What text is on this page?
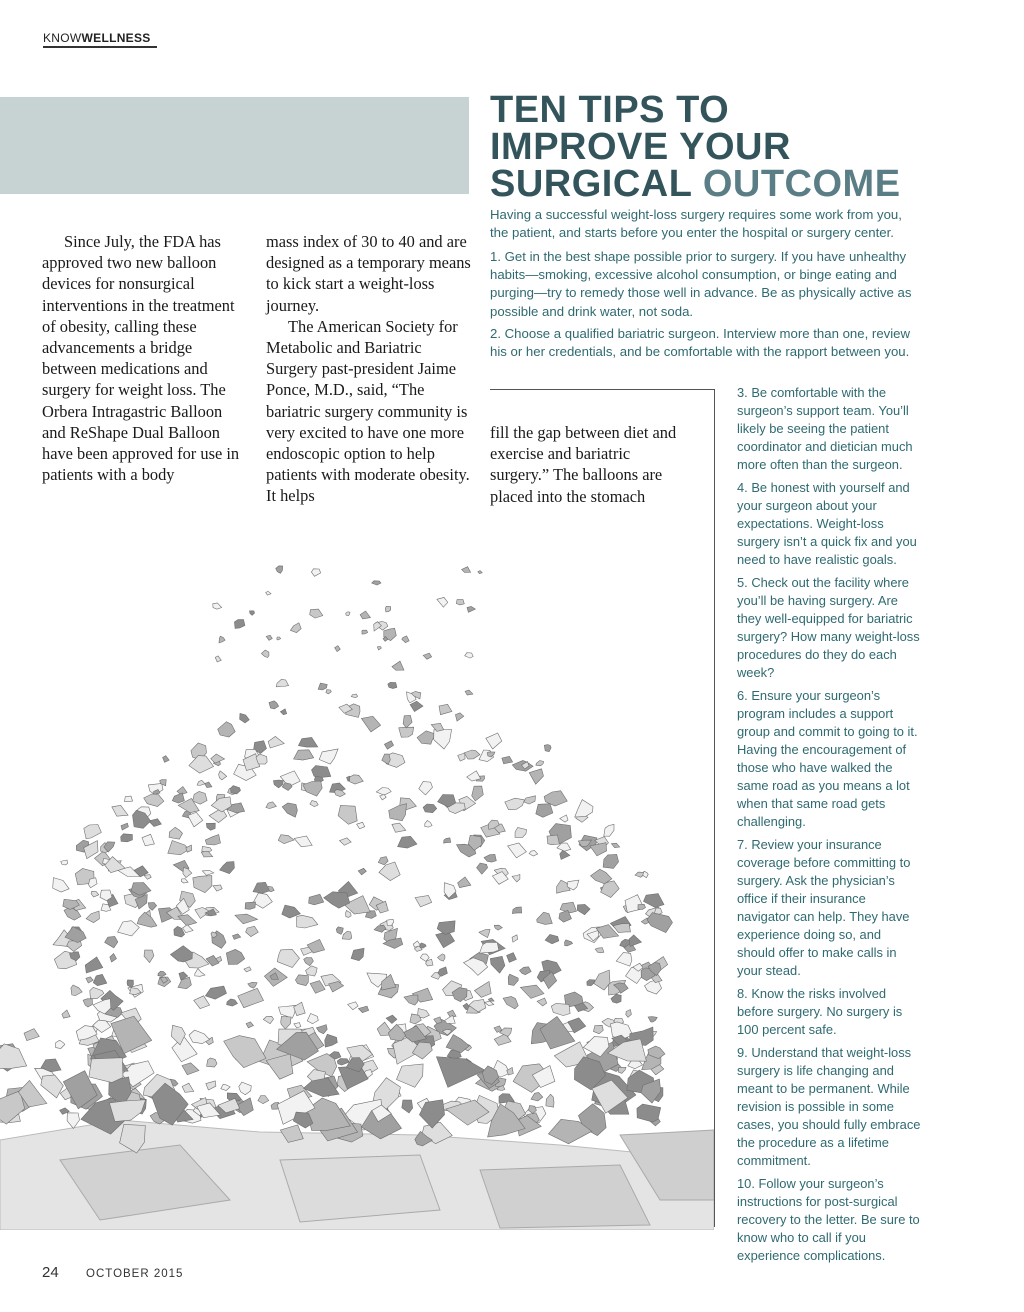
KNOWWELLNESS
TEN TIPS TO
IMPROVE YOUR
SURGICAL OUTCOME

Having a successful weight-loss surgery requires some work from you, the patient, and starts before you enter the hospital or surgery center.

1. Get in the best shape possible prior to surgery. If you have unhealthy habits—smoking, excessive alcohol consumption, or binge eating and purging—try to remedy those well in advance. Be as physically active as possible and drink water, not soda.

2. Choose a qualified bariatric surgeon. Interview more than one, review his or her credentials, and be comfortable with the rapport between you.

3. Be comfortable with the surgeon’s support team. You’ll likely be seeing the patient coordinator and dietician much more often than the surgeon.

4. Be honest with yourself and your surgeon about your expectations. Weight-loss surgery isn’t a quick fix and you need to have realistic goals.

5. Check out the facility where you’ll be having surgery. Are they well-equipped for bariatric surgery? How many weight-loss procedures do they do each week?

6. Ensure your surgeon’s program includes a support group and commit to going to it. Having the encouragement of those who have walked the same road as you means a lot when that same road gets challenging.

7. Review your insurance coverage before committing to surgery. Ask the physician’s office if their insurance navigator can help. They have experience doing so, and should offer to make calls in your stead.

8. Know the risks involved before surgery. No surgery is 100 percent safe.

9. Understand that weight-loss surgery is life changing and meant to be permanent. While revision is possible in some cases, you should fully embrace the procedure as a lifetime commitment.

10. Follow your surgeon’s instructions for post-surgical recovery to the letter. Be sure to know who to call if you experience complications.

Since July, the FDA has approved two new balloon devices for nonsurgical interventions in the treatment of obesity, calling these advancements a bridge between medications and surgery for weight loss. The Orbera Intragastric Balloon and ReShape Dual Balloon have been approved for use in patients with a body

mass index of 30 to 40 and are designed as a temporary means to kick start a weight-loss journey.

The American Society for Metabolic and Bariatric Surgery past-president Jaime Ponce, M.D., said, “The bariatric surgery community is very excited to have one more endoscopic option to help patients with moderate obesity. It helps

fill the gap between diet and exercise and bariatric surgery.” The balloons are placed into the stomach

24 OCTOBER 2015
